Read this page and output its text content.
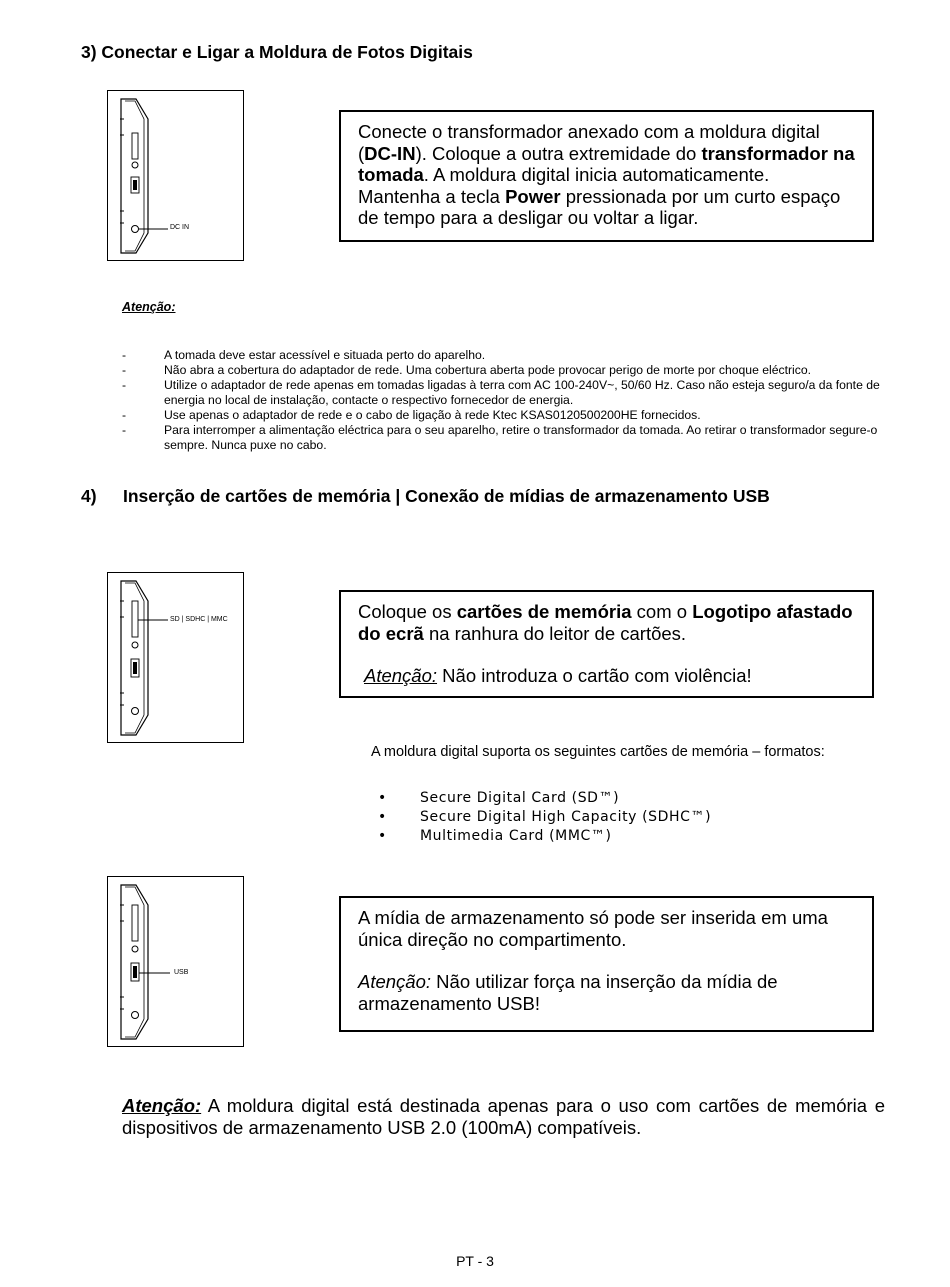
3) Conectar e Ligar a Moldura de Fotos Digitais
DC IN
Conecte o transformador anexado com a moldura digital (DC-IN). Coloque a outra extremidade do transformador na tomada. A moldura digital inicia automaticamente. Mantenha a tecla Power pressionada por um curto espaço de tempo para a desligar ou voltar a ligar.
Atenção:
-	A tomada deve estar acessível e situada perto do aparelho.
-	Não abra a cobertura do adaptador de rede. Uma cobertura aberta pode provocar perigo de morte por choque eléctrico.
-	Utilize o adaptador de rede apenas em tomadas ligadas à terra com AC 100-240V~, 50/60 Hz. Caso não esteja seguro/a da fonte de energia no local de instalação, contacte o respectivo fornecedor de energia.
-	Use apenas o adaptador de rede e o cabo de ligação à rede Ktec KSAS0120500200HE fornecidos.
-	Para interromper a alimentação eléctrica para o seu aparelho, retire o transformador da tomada. Ao retirar o transformador segure-o sempre. Nunca puxe no cabo.
4) Inserção de cartões de memória | Conexão de mídias de armazenamento USB
SD | SDHC | MMC	Coloque os cartões de memória com o Logotipo afastado do ecrã na ranhura do leitor de cartões.
Atenção: Não introduza o cartão com violência!
A moldura digital suporta os seguintes cartões de memória – formatos:
• Secure Digital Card (SD™)
• Secure Digital High Capacity (SDHC™)
• Multimedia Card (MMC™)
USB
A mídia de armazenamento só pode ser inserida em uma única direção no compartimento.
Atenção: Não utilizar força na inserção da mídia de armazenamento USB!
Atenção: A moldura digital está destinada apenas para o uso com cartões de memória e dispositivos de armazenamento USB 2.0 (100mA) compatíveis.
PT - 3
